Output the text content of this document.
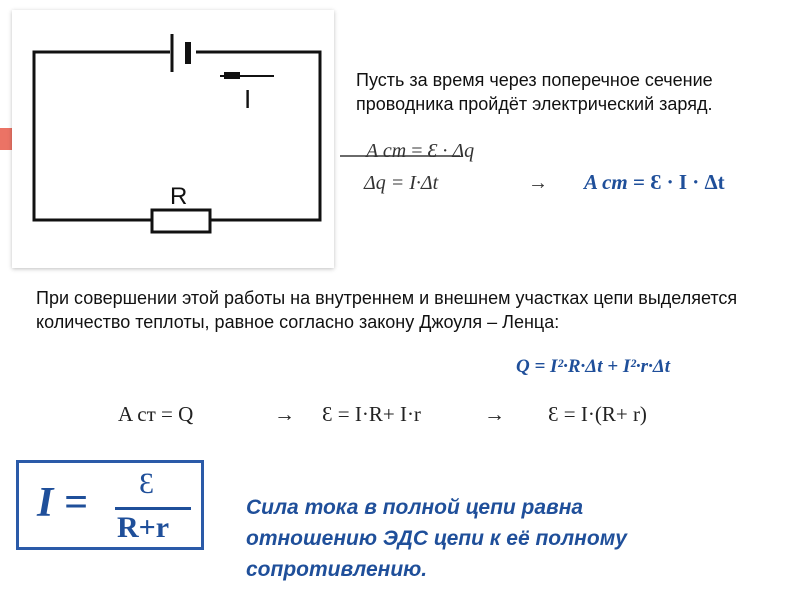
I
R
Пусть за время через поперечное сечение проводника пройдёт электрический заряд.
A ст = Ɛ · Δq
Δq = I·Δt	→ A ст = Ɛ · I · Δt
При совершении этой работы на внутреннем и внешнем участках цепи выделяется количество теплоты, равное согласно закону Джоуля – Ленца:
Q = I²·R·Δt + I²·r·Δt
A ст = Q	→ Ɛ = I·R+ I·r	→ Ɛ = I·(R+ r)
I = Ɛ
R+r
Сила тока в полной цепи равна
отношению ЭДС цепи к её полному
сопротивлению.
